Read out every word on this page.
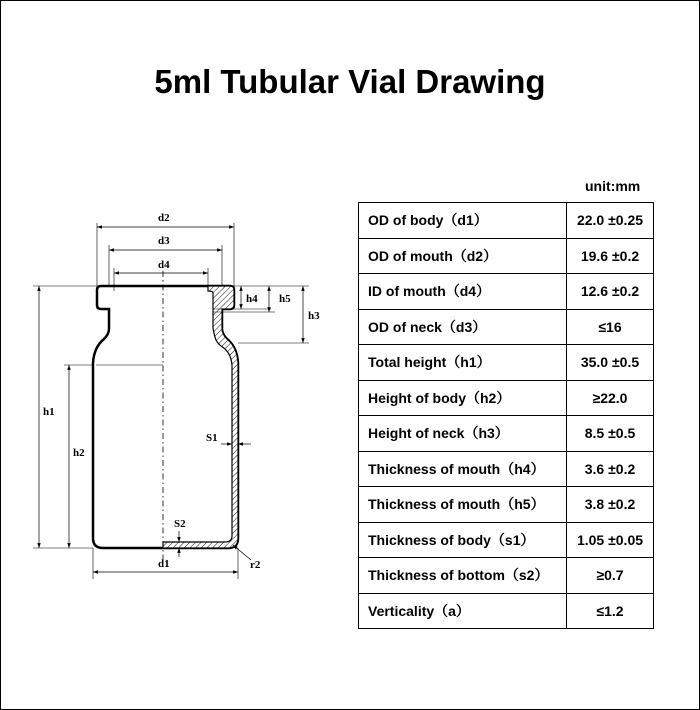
5ml Tubular Vial Drawing
d2
d3
d4
h1
h2
h4 h5
h3
S1
S2
d1	r2
unit:mm
OD of body（d1）	22.0 ±0.25
OD of mouth（d2）	19.6 ±0.2
ID of mouth（d4）	12.6 ±0.2
OD of neck（d3）	≤16
Total height（h1）	35.0 ±0.5
Height of body（h2）	≥22.0
Height of neck（h3）	8.5 ±0.5
Thickness of mouth（h4）	3.6 ±0.2
Thickness of mouth（h5）	3.8 ±0.2
Thickness of body（s1）	1.05 ±0.05
Thickness of bottom（s2）	≥0.7
Verticality（a）	≤1.2
